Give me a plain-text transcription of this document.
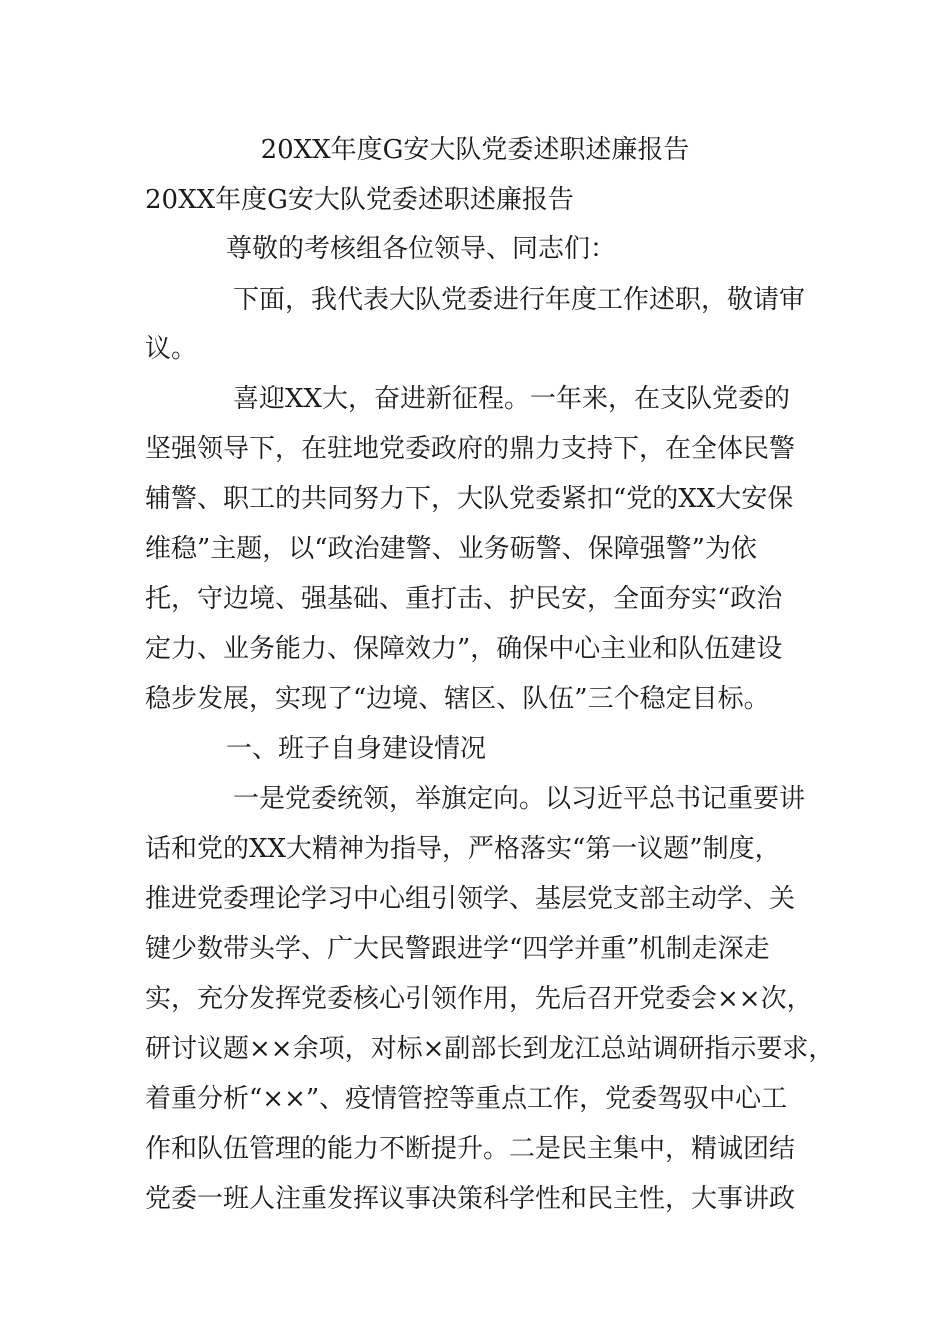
20XX年度G安大队党委述职述廉报告
20XX年度G安大队党委述职述廉报告
尊敬的考核组各位领导、同志们：
下面，我代表大队党委进行年度工作述职，敬请审
议。
喜迎XX大，奋进新征程。一年来，在支队党委的
坚强领导下，在驻地党委政府的鼎力支持下，在全体民警
辅警、职工的共同努力下，大队党委紧扣“党的XX大安保
维稳”主题，以“政治建警、业务砺警、保障强警”为依
托，守边境、强基础、重打击、护民安，全面夯实“政治
定力、业务能力、保障效力”，确保中心主业和队伍建设
稳步发展，实现了“边境、辖区、队伍”三个稳定目标。
一、班子自身建设情况
一是党委统领，举旗定向。以习近平总书记重要讲
话和党的XX大精神为指导，严格落实“第一议题”制度，
推进党委理论学习中心组引领学、基层党支部主动学、关
键少数带头学、广大民警跟进学“四学并重”机制走深走
实，充分发挥党委核心引领作用，先后召开党委会××次，
研讨议题××余项，对标×副部长到龙江总站调研指示要求，
着重分析“××”、疫情管控等重点工作，党委驾驭中心工
作和队伍管理的能力不断提升。二是民主集中，精诚团结
党委一班人注重发挥议事决策科学性和民主性，大事讲政
